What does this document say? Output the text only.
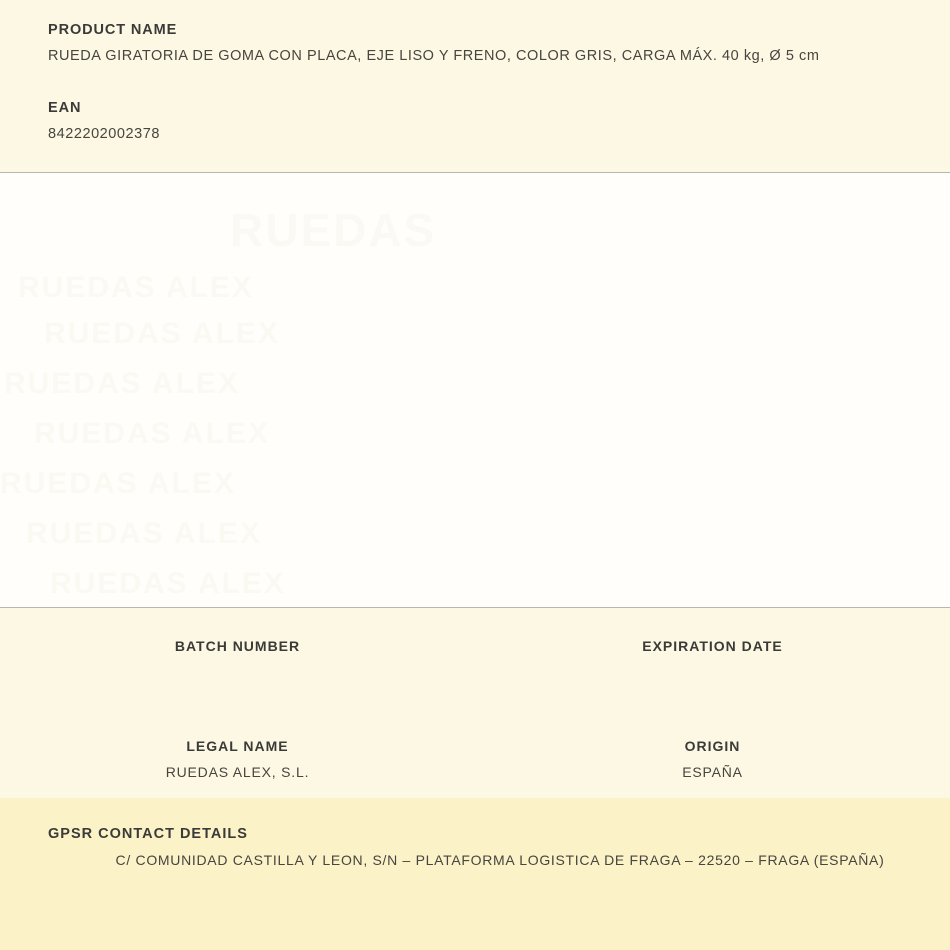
PRODUCT NAME
RUEDA GIRATORIA DE GOMA CON PLACA, EJE LISO Y FRENO, COLOR GRIS, CARGA MÁX. 40 kg, Ø 5 cm
EAN
8422202002378
RUEDAS
RUEDAS ALEX
RUEDAS ALEX
RUEDAS ALEX
RUEDAS ALEX
RUEDAS ALEX
RUEDAS ALEX
RUEDAS ALEX
BATCH NUMBER	EXPIRATION DATE
LEGAL NAME
RUEDAS ALEX, S.L.
ORIGIN
ESPAÑA
GPSR CONTACT DETAILS
C/ COMUNIDAD CASTILLA Y LEON, S/N – PLATAFORMA LOGISTICA DE FRAGA – 22520 – FRAGA (ESPAÑA)
